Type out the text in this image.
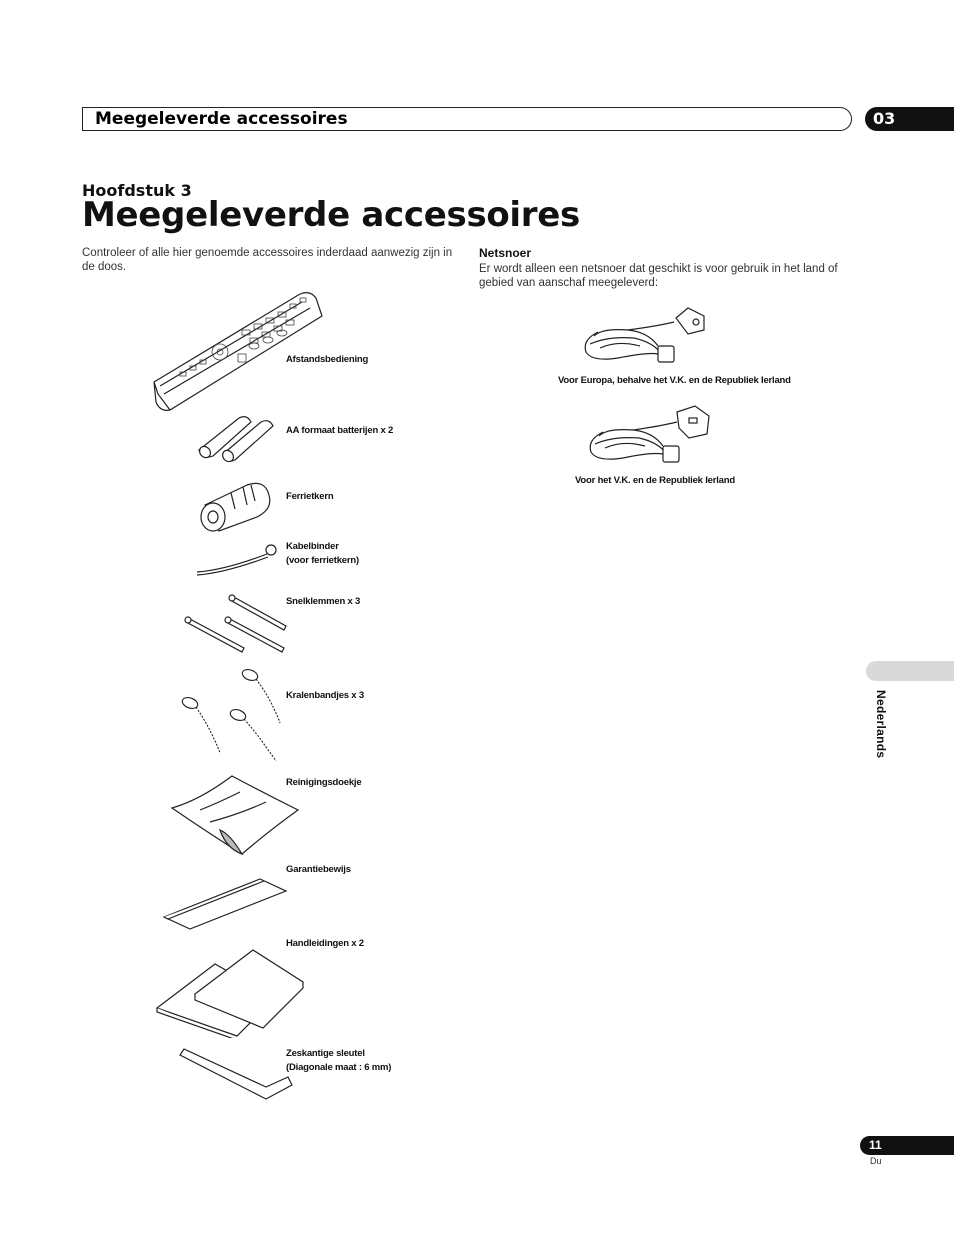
Meegeleverde accessoires	03
Hoofdstuk 3
Meegeleverde accessoires
Controleer of alle hier genoemde accessoires inderdaad aanwezig zijn in de doos.
Netsnoer
Er wordt alleen een netsnoer dat geschikt is voor gebruik in het land of gebied van aanschaf meegeleverd:
Afstandsbediening
AA formaat batterijen x 2
Ferrietkern
Kabelbinder
(voor ferrietkern)
Snelklemmen x 3
Kralenbandjes x 3
Reinigingsdoekje
Garantiebewijs
Handleidingen x 2
Zeskantige sleutel
(Diagonale maat : 6 mm)
Voor Europa, behalve het V.K. en de Republiek Ierland
Voor het V.K. en de Republiek Ierland
Nederlands
11
Du
